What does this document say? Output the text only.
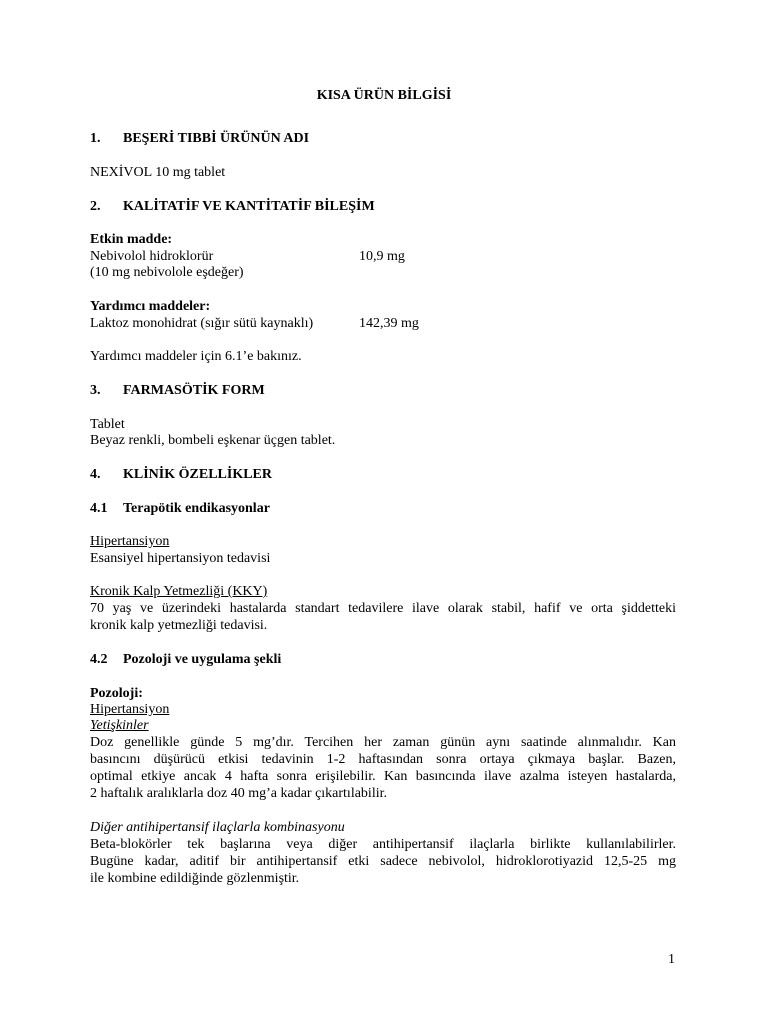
KISA ÜRÜN BİLGİSİ
1. BEŞERİ TIBBİ ÜRÜNÜN ADI
NEXİVOL 10 mg tablet
2. KALİTATİF VE KANTİTATİF BİLEŞİM
Etkin madde:
Nebivolol hidroklorür	10,9 mg
(10 mg nebivolole eşdeğer)
Yardımcı maddeler:
Laktoz monohidrat (sığır sütü kaynaklı)	142,39 mg
Yardımcı maddeler için 6.1’e bakınız.
3. FARMASÖTİK FORM
Tablet
Beyaz renkli, bombeli eşkenar üçgen tablet.
4. KLİNİK ÖZELLİKLER
4.1 Terapötik endikasyonlar
Hipertansiyon
Esansiyel hipertansiyon tedavisi
Kronik Kalp Yetmezliği (KKY)
70 yaş ve üzerindeki hastalarda standart tedavilere ilave olarak stabil, hafif ve orta şiddetteki
kronik kalp yetmezliği tedavisi.
4.2 Pozoloji ve uygulama şekli
Pozoloji:
Hipertansiyon
Yetişkinler
Doz genellikle günde 5 mg’dır. Tercihen her zaman günün aynı saatinde alınmalıdır. Kan
basıncını düşürücü etkisi tedavinin 1-2 haftasından sonra ortaya çıkmaya başlar. Bazen,
optimal etkiye ancak 4 hafta sonra erişilebilir. Kan basıncında ilave azalma isteyen hastalarda,
2 haftalık aralıklarla doz 40 mg’a kadar çıkartılabilir.
Diğer antihipertansif ilaçlarla kombinasyonu
Beta-blokörler tek başlarına veya diğer antihipertansif ilaçlarla birlikte kullanılabilirler.
Bugüne kadar, aditif bir antihipertansif etki sadece nebivolol, hidroklorotiyazid 12,5-25 mg
ile kombine edildiğinde gözlenmiştir.
1
